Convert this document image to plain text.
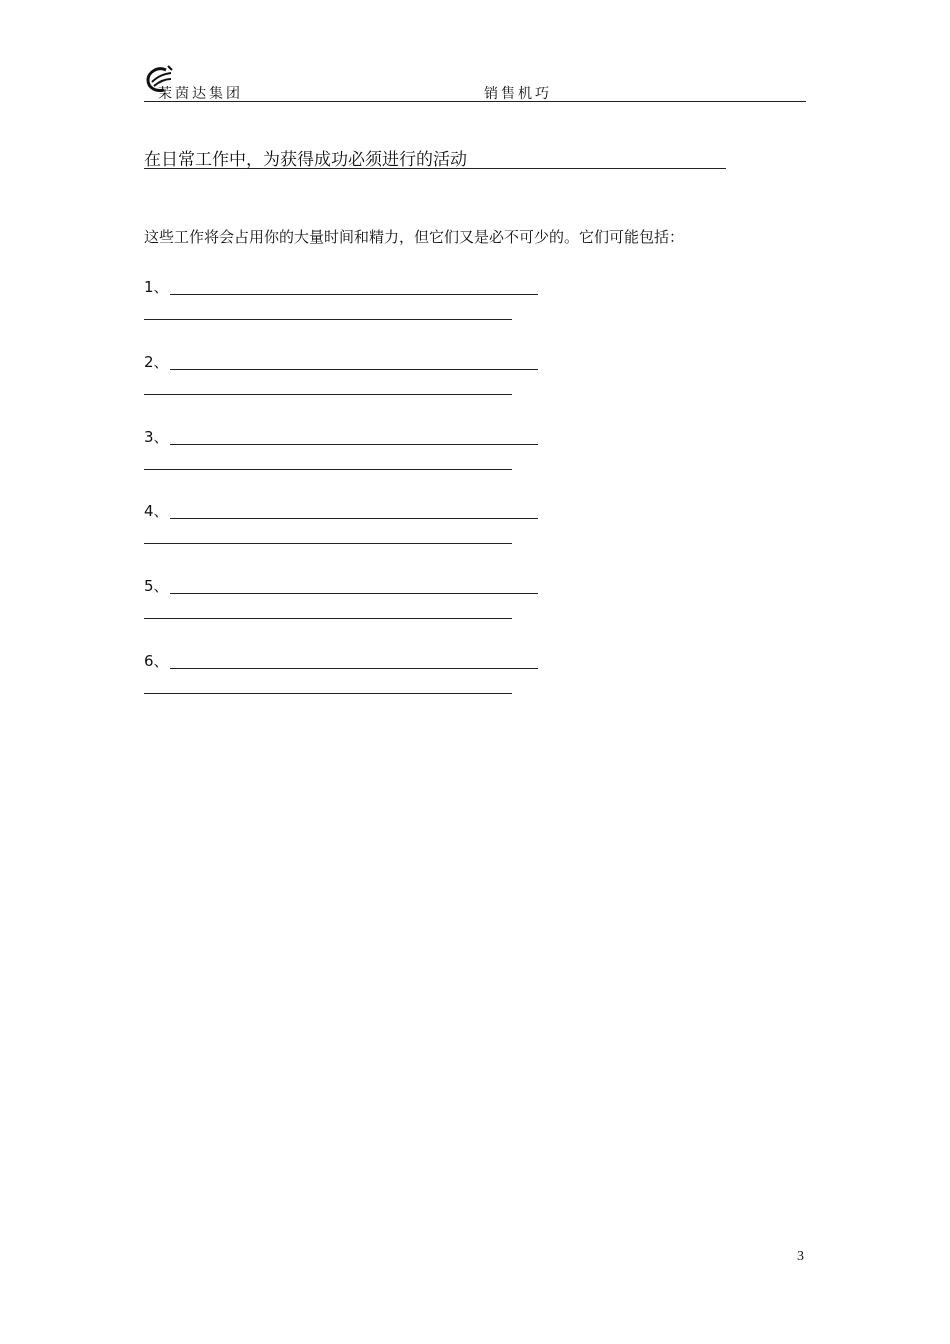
茉茵达集团	销售机巧
在日常工作中，为获得成功必须进行的活动
这些工作将会占用你的大量时间和精力，但它们又是必不可少的。它们可能包括：
1、
2、
3、
4、
5、
6、
3
